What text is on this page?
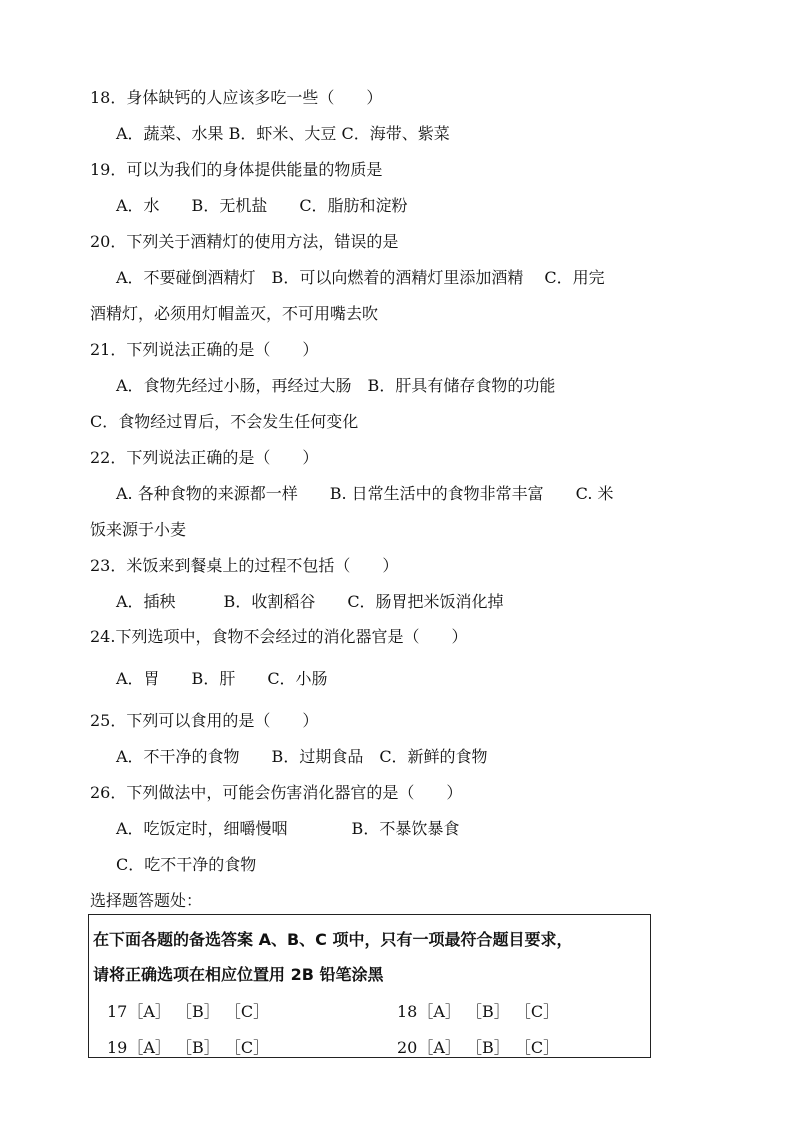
18．身体缺钙的人应该多吃一些（　　）
A．蔬菜、水果 B．虾米、大豆 C．海带、紫菜
19．可以为我们的身体提供能量的物质是
A．水　　B．无机盐　　C．脂肪和淀粉
20．下列关于酒精灯的使用方法，错误的是
A．不要碰倒酒精灯　B．可以向燃着的酒精灯里添加酒精　 C．用完
酒精灯，必须用灯帽盖灭，不可用嘴去吹
21．下列说法正确的是（　　）
A．食物先经过小肠，再经过大肠　B．肝具有储存食物的功能
C．食物经过胃后，不会发生任何变化
22．下列说法正确的是（　　）
A. 各种食物的来源都一样　　B. 日常生活中的食物非常丰富　　C. 米
饭来源于小麦
23．米饭来到餐桌上的过程不包括（　　）
A．插秧　　　B．收割稻谷　　C．肠胃把米饭消化掉
24.下列选项中，食物不会经过的消化器官是（　　）
A．胃　　B．肝　　C．小肠
25．下列可以食用的是（　　）
A．不干净的食物　　B．过期食品　C．新鲜的食物
26．下列做法中，可能会伤害消化器官的是（　　）
A．吃饭定时，细嚼慢咽　　　　B．不暴饮暴食
C．吃不干净的食物
选择题答题处：
在下面各题的备选答案 A、B、C 项中，只有一项最符合题目要求，
请将正确选项在相应位置用 2B 铅笔涂黑
17［A］ ［B］ ［C］	18［A］ ［B］ ［C］
19［A］ ［B］ ［C］	20［A］ ［B］ ［C］
